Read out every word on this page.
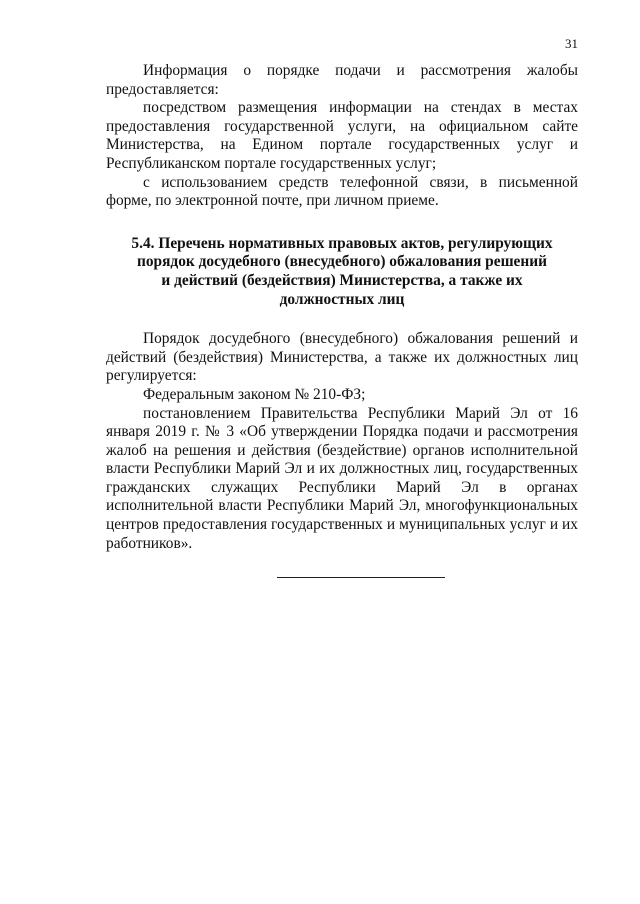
31

Информация о порядке подачи и рассмотрения жалобы предоставляется:

посредством размещения информации на стендах в местах предоставления государственной услуги, на официальном сайте Министерства, на Едином портале государственных услуг и Республиканском портале государственных услуг;

с использованием средств телефонной связи, в письменной форме, по электронной почте, при личном приеме.

5.4. Перечень нормативных правовых актов, регулирующих
порядок досудебного (внесудебного) обжалования решений
и действий (бездействия) Министерства, а также их
должностных лиц

Порядок досудебного (внесудебного) обжалования решений и действий (бездействия) Министерства, а также их должностных лиц регулируется:

Федеральным законом № 210-ФЗ;

постановлением Правительства Республики Марий Эл от 16 января 2019 г. № 3 «Об утверждении Порядка подачи и рассмотрения жалоб на решения и действия (бездействие) органов исполнительной власти Республики Марий Эл и их должностных лиц, государственных гражданских служащих Республики Марий Эл в органах исполнительной власти Республики Марий Эл, многофункциональных центров предоставления государственных и муниципальных услуг и их работников».
